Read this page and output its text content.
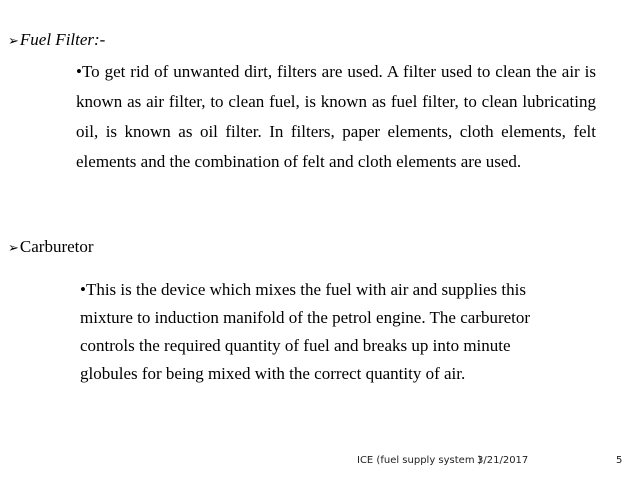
➢Fuel Filter:-

•To get rid of unwanted dirt, filters are used. A filter used to clean the air is known as air filter, to clean fuel, is known as fuel filter, to clean lubricating oil, is known as oil filter. In filters, paper elements, cloth elements, felt elements and the combination of felt and cloth elements are used.

➢Carburetor
•This is the device which mixes the fuel with air and supplies this
mixture to induction manifold of the petrol engine. The carburetor
controls the required quantity of fuel and breaks up into minute
globules for being mixed with the correct quantity of air.
ICE (fuel supply system )
3/21/2017	5
